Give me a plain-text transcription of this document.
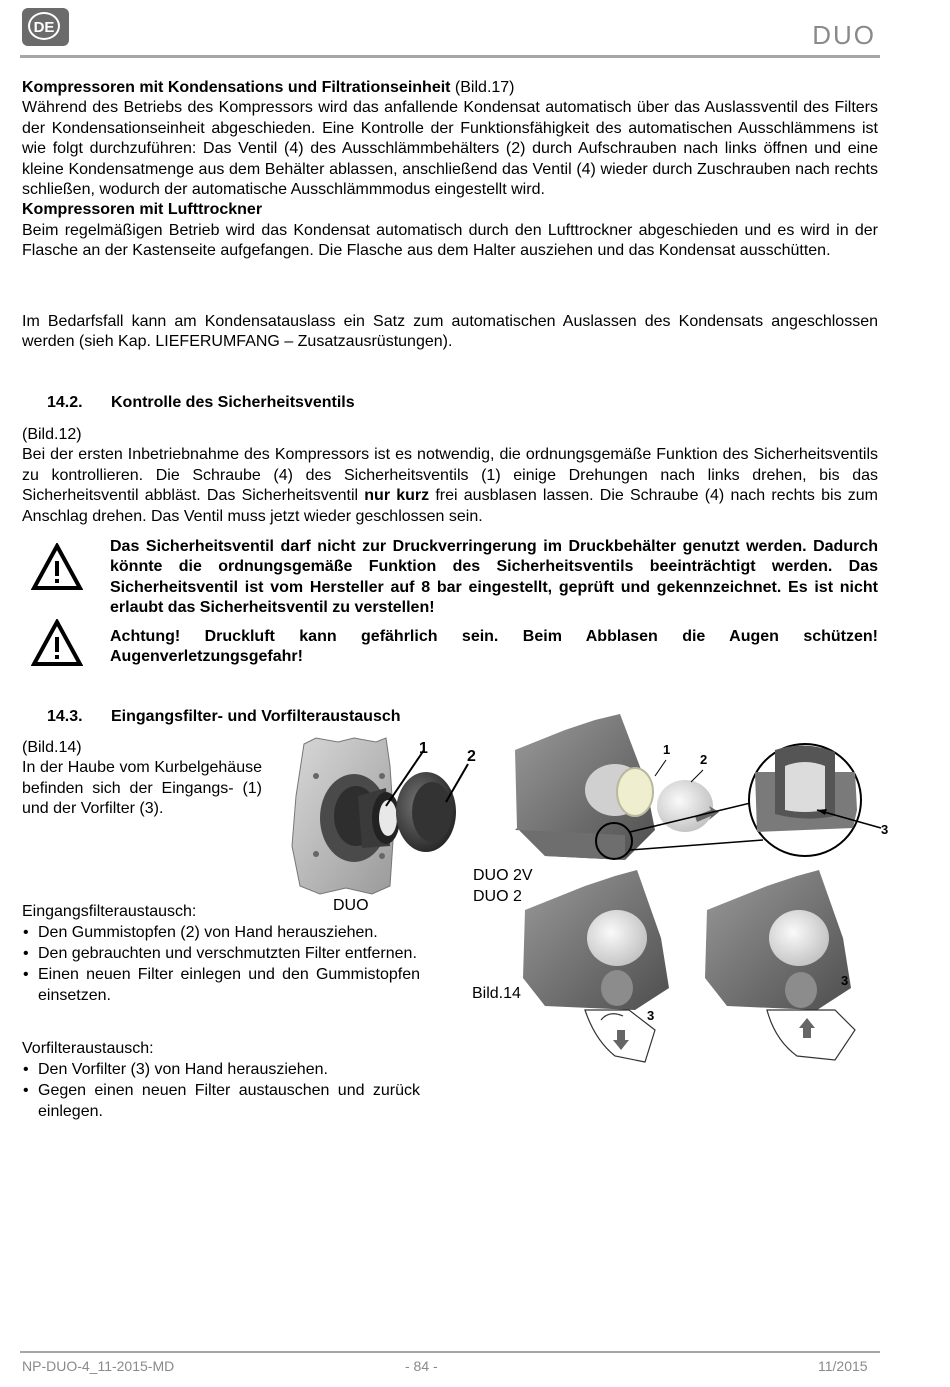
DE	DUO
Kompressoren mit Kondensations und Filtrationseinheit (Bild.17)
Während des Betriebs des Kompressors wird das anfallende Kondensat automatisch über das Auslassventil des Filters der Kondensationseinheit abgeschieden. Eine Kontrolle der Funktionsfähigkeit des automatischen Ausschlämmens ist wie folgt durchzuführen: Das Ventil (4) des Ausschlämmbehälters (2) durch Aufschrauben nach links öffnen und eine kleine Kondensatmenge aus dem Behälter ablassen, anschließend das Ventil (4) wieder durch Zuschrauben nach rechts schließen, wodurch der automatische Ausschlämmmodus eingestellt wird.
Kompressoren mit Lufttrockner
Beim regelmäßigen Betrieb wird das Kondensat automatisch durch den Lufttrockner abgeschieden und es wird in der Flasche an der Kastenseite aufgefangen. Die Flasche aus dem Halter ausziehen und das Kondensat ausschütten.
Im Bedarfsfall kann am Kondensatauslass ein Satz zum automatischen Auslassen des Kondensats angeschlossen werden (sieh Kap. LIEFERUMFANG – Zusatzausrüstungen).
14.2. Kontrolle des Sicherheitsventils
(Bild.12)
Bei der ersten Inbetriebnahme des Kompressors ist es notwendig, die ordnungsgemäße Funktion des Sicherheitsventils zu kontrollieren. Die Schraube (4) des Sicherheitsventils (1) einige Drehungen nach links drehen, bis das Sicherheitsventil abbläst. Das Sicherheitsventil nur kurz frei ausblasen lassen. Die Schraube (4) nach rechts bis zum Anschlag drehen. Das Ventil muss jetzt wieder geschlossen sein.
Das Sicherheitsventil darf nicht zur Druckverringerung im Druckbehälter genutzt werden. Dadurch könnte die ordnungsgemäße Funktion des Sicherheitsventils beeinträchtigt werden. Das Sicherheitsventil ist vom Hersteller auf 8 bar eingestellt, geprüft und gekennzeichnet. Es ist nicht erlaubt das Sicherheitsventil zu verstellen!
Achtung! Druckluft kann gefährlich sein. Beim Abblasen die Augen schützen! Augenverletzungsgefahr!
14.3. Eingangsfilter- und Vorfilteraustausch
(Bild.14)
In der Haube vom Kurbelgehäuse befinden sich der Eingangs- (1) und der Vorfilter (3).
Eingangsfilteraustausch:
• Den Gummistopfen (2) von Hand herausziehen.
• Den gebrauchten und verschmutzten Filter entfernen.
• Einen neuen Filter einlegen und den Gummistopfen einsetzen.
Vorfilteraustausch:
• Den Vorfilter (3) von Hand herausziehen.
• Gegen einen neuen Filter austauschen und zurück einlegen.
1 2
DUO
1
2
3
3
3
DUO 2V
DUO 2
Bild.14
NP-DUO-4_11-2015-MD	- 84 -	11/2015
